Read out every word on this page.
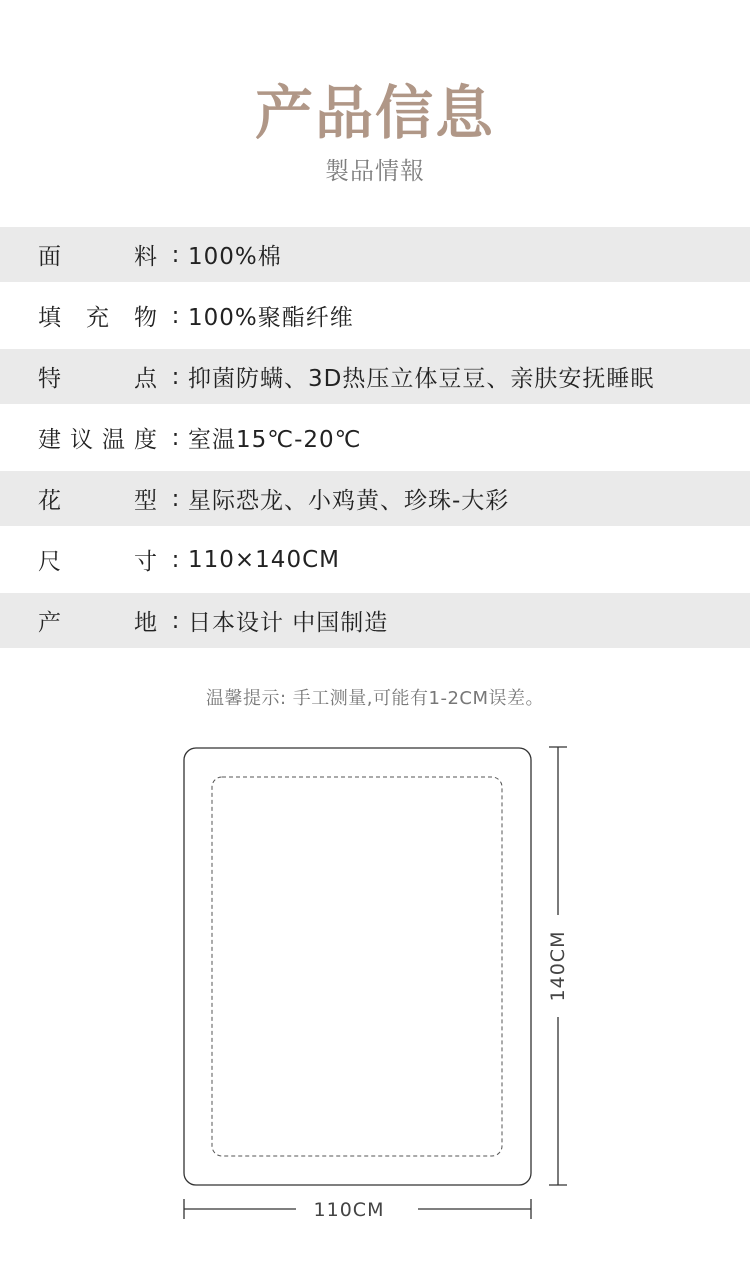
产品信息
製品情報
面	料 : 100%棉
填 充 物 : 100%聚酯纤维
特	点 : 抑菌防螨、3D热压立体豆豆、亲肤安抚睡眠
建 议 温 度 : 室温15℃-20℃
花	型 : 星际恐龙、小鸡黄、珍珠-大彩
尺	寸 : 110×140CM
产	地 : 日本设计 中国制造
温馨提示: 手工测量,可能有1-2CM误差。
140CM
110CM
